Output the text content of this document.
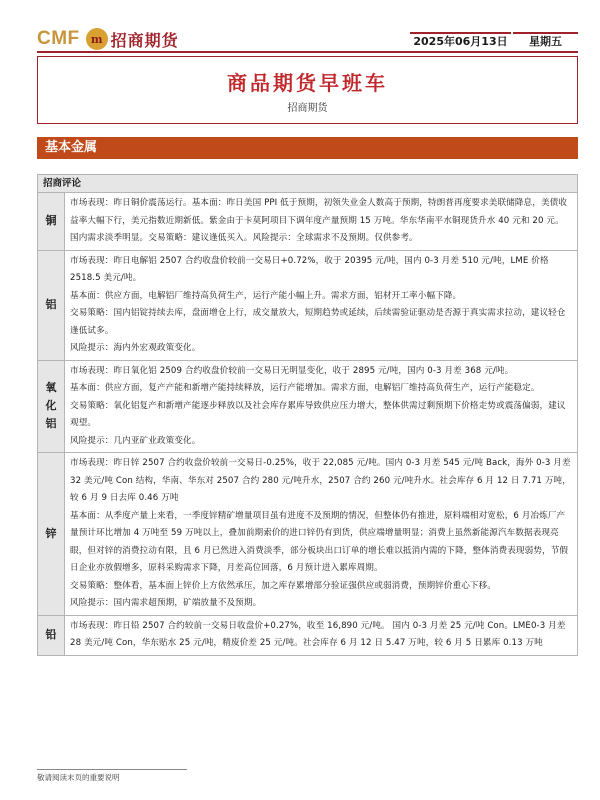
CMF	m 招商期货	2025年06月13日	星期五
商品期货早班车
招商期货
基本金属
招商评论
铜

市场表现：昨日铜价震荡运行。基本面：昨日美国 PPI 低于预期，初领失业金人数高于预期，特朗普再度要求美联储降息，美债收益率大幅下行，美元指数近期新低。紫金由于卡莫阿项目下调年度产量预期 15 万吨。华东华南平水铜现货升水 40 元和 20 元。国内需求淡季明显。交易策略：建议逢低买入。风险提示：全球需求不及预期。仅供参考。

铝

市场表现：昨日电解铝 2507 合约收盘价较前一交易日+0.72%，收于 20395 元/吨，国内 0-3 月差 510 元/吨，LME 价格 2518.5 美元/吨。

基本面：供应方面，电解铝厂维持高负荷生产，运行产能小幅上升。需求方面，铝材开工率小幅下降。

交易策略：国内铝锭持续去库，盘面增仓上行，成交量放大，短期趋势或延续，后续需验证驱动是否源于真实需求拉动，建议轻仓逢低试多。

风险提示：海内外宏观政策变化。

氧化铝

市场表现：昨日氧化铝 2509 合约收盘价较前一交易日无明显变化，收于 2895 元/吨，国内 0-3 月差 368 元/吨。

基本面：供应方面，复产产能和新增产能持续释放，运行产能增加。需求方面，电解铝厂维持高负荷生产，运行产能稳定。

交易策略：氧化铝复产和新增产能逐步释放以及社会库存累库导致供应压力增大，整体供需过剩预期下价格走势或震荡偏弱，建议观望。

风险提示：几内亚矿业政策变化。

锌

市场表现：昨日锌 2507 合约收盘价较前一交易日-0.25%，收于 22,085 元/吨。国内 0-3 月差 545 元/吨 Back，海外 0-3 月差 32 美元/吨 Con 结构，华南、华东对 2507 合约 280 元/吨升水，2507 合约 260 元/吨升水。社会库存 6 月 12 日 7.71 万吨，较 6 月 9 日去库 0.46 万吨

基本面：从季度产量上来看，一季度锌精矿增量项目虽有进度不及预期的情况，但整体仍有推进，原料端相对宽松，6 月冶炼厂产量预计环比增加 4 万吨至 59 万吨以上，叠加前期索价的进口锌仍有到货，供应端增量明显；消费上虽然新能源汽车数据表现亮眼，但对锌的消费拉动有限，且 6 月已然进入消费淡季，部分板块出口订单的增长难以抵消内需的下降，整体消费表现弱势，节假日企业亦放假增多，原料采购需求下降，月差高位回落，6 月预计进入累库周期。

交易策略：整体看，基本面上锌价上方依然承压，加之库存累增部分验证强供应或弱消费，预期锌价重心下移。

风险提示：国内需求超预期，矿端放量不及预期。

铅

市场表现：昨日铅 2507 合约较前一交易日收盘价+0.27%，收至 16,890 元/吨。 国内 0-3 月差 25 元/吨 Con。LME0-3 月差 28 美元/吨 Con，华东贴水 25 元/吨，精废价差 25 元/吨。社会库存 6 月 12 日 5.47 万吨，较 6 月 5 日累库 0.13 万吨

敬请阅读末页的重要说明
